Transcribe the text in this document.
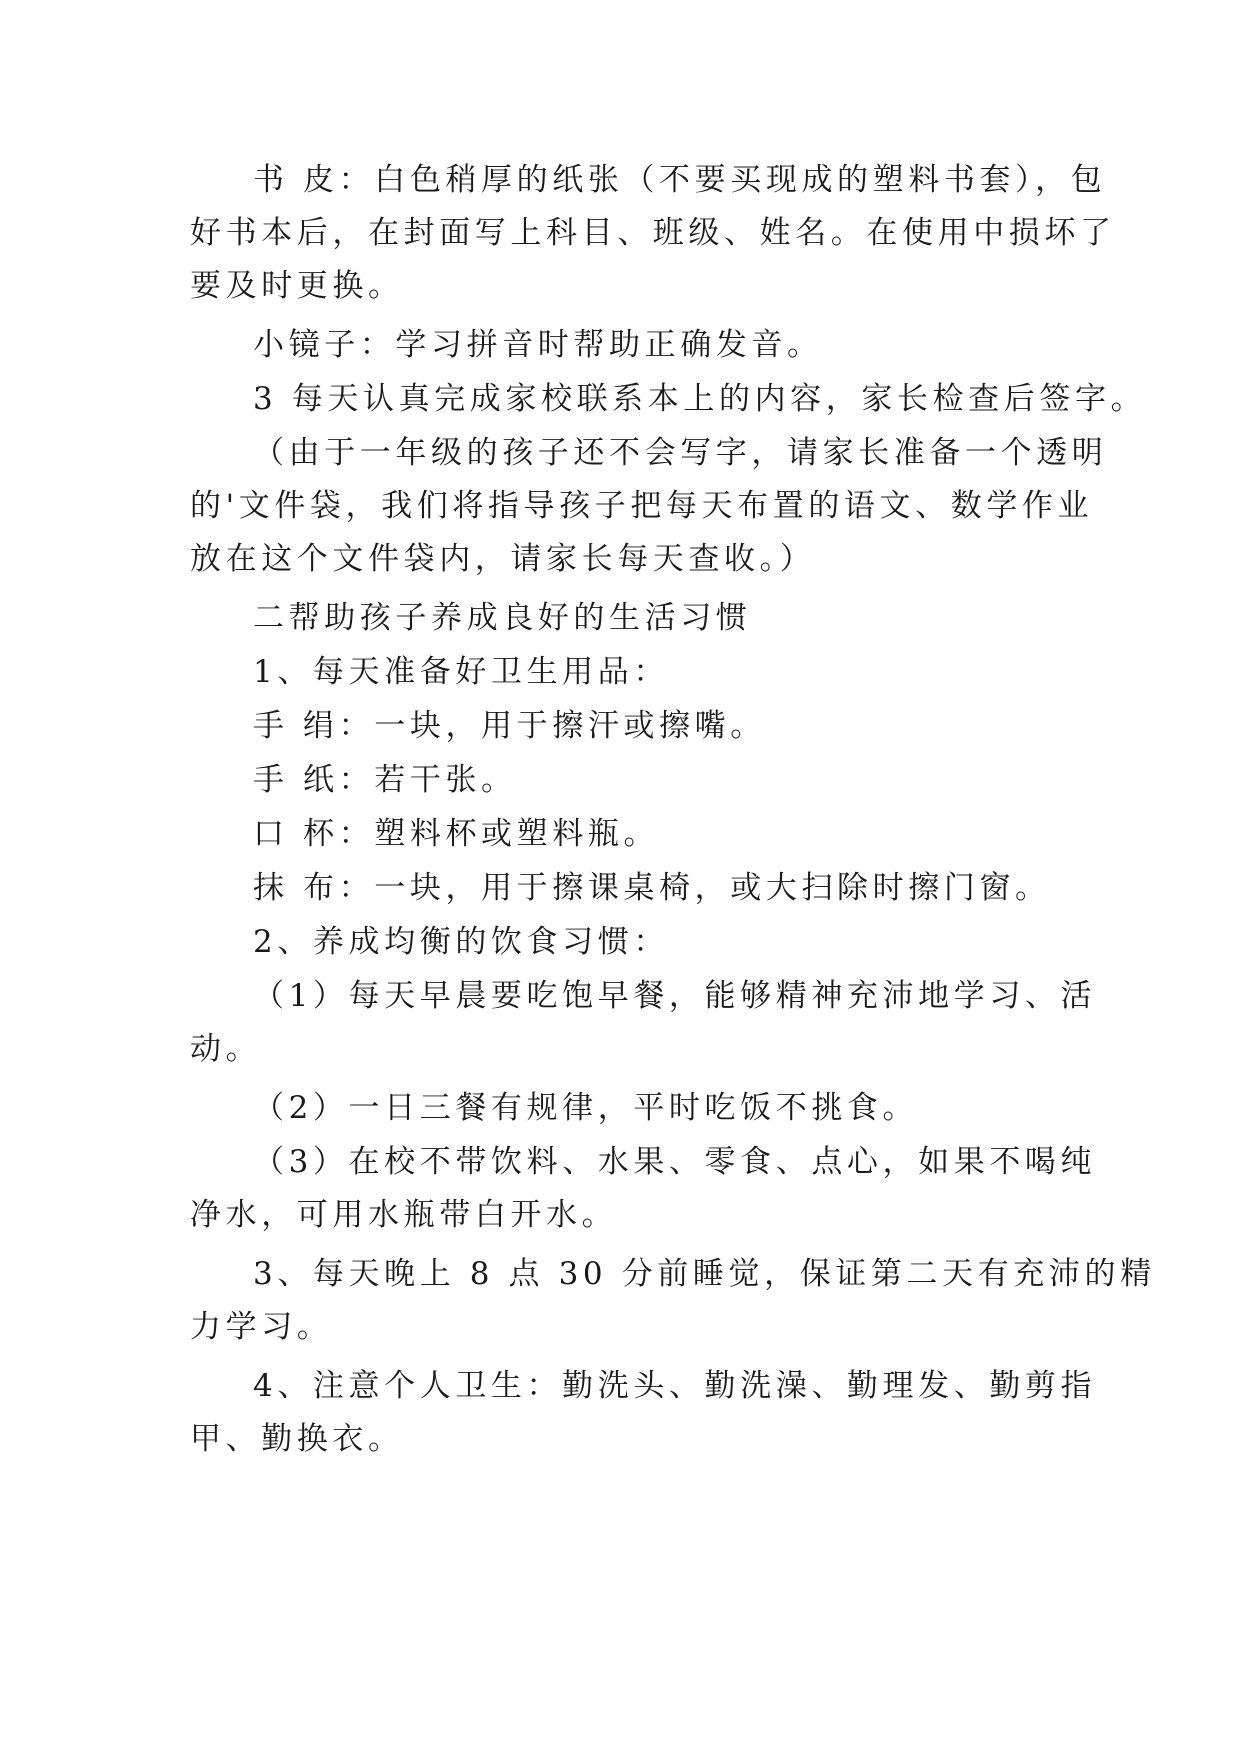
书 皮：白色稍厚的纸张（不要买现成的塑料书套），包
好书本后，在封面写上科目、班级、姓名。在使用中损坏了
要及时更换。
小镜子：学习拼音时帮助正确发音。
3 每天认真完成家校联系本上的内容，家长检查后签字。
（由于一年级的孩子还不会写字，请家长准备一个透明
的'文件袋，我们将指导孩子把每天布置的语文、数学作业
放在这个文件袋内，请家长每天查收。）
二帮助孩子养成良好的生活习惯
1、每天准备好卫生用品：
手 绢：一块，用于擦汗或擦嘴。
手 纸：若干张。
口 杯：塑料杯或塑料瓶。
抹 布：一块，用于擦课桌椅，或大扫除时擦门窗。
2、养成均衡的饮食习惯：
（1）每天早晨要吃饱早餐，能够精神充沛地学习、活
动。
（2）一日三餐有规律，平时吃饭不挑食。
（3）在校不带饮料、水果、零食、点心，如果不喝纯
净水，可用水瓶带白开水。
3、每天晚上 8 点 30 分前睡觉，保证第二天有充沛的精
力学习。
4、注意个人卫生：勤洗头、勤洗澡、勤理发、勤剪指
甲、勤换衣。
